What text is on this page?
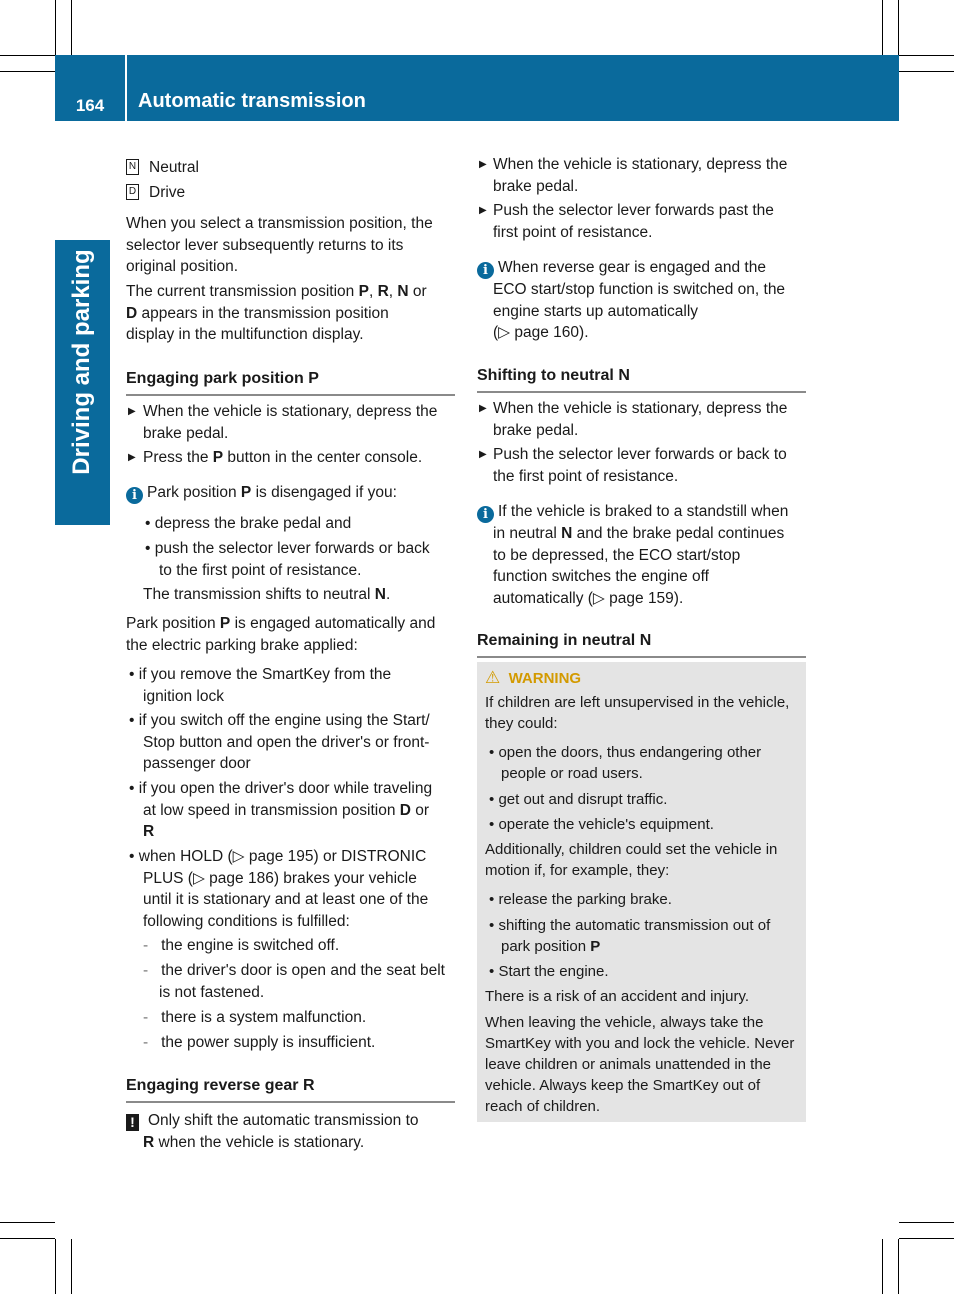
164	Automatic transmission
Driving and parking
N Neutral
D Drive

When you select a transmission position, the

selector lever subsequently returns to its

original position.

The current transmission position P, R, N or

D appears in the transmission position

display in the multifunction display.

Engaging park position P
▶ When the vehicle is stationary, depress the

brake pedal.

▶ Press the P button in the center console.

i Park position P is disengaged if you:
• depress the brake pedal and

• push the selector lever forwards or back

to the first point of resistance.

The transmission shifts to neutral N.

Park position P is engaged automatically and

the electric parking brake applied:

• if you remove the SmartKey from the

ignition lock

• if you switch off the engine using the Start/

Stop button and open the driver's or front-

passenger door

• if you open the driver's door while traveling

at low speed in transmission position D or

R

• when HOLD (▷ page 195) or DISTRONIC

PLUS (▷ page 186) brakes your vehicle

until it is stationary and at least one of the

following conditions is fulfilled:

- the engine is switched off.

- the driver's door is open and the seat belt

is not fastened.

- there is a system malfunction.
- the power supply is insufficient.
Engaging reverse gear R

! Only shift the automatic transmission to

R when the vehicle is stationary.

▶ When the vehicle is stationary, depress the

brake pedal.

▶ Push the selector lever forwards past the

first point of resistance.

i When reverse gear is engaged and the

ECO start/stop function is switched on, the

engine starts up automatically

(▷ page 160).

Shifting to neutral N
▶ When the vehicle is stationary, depress the

brake pedal.

▶ Push the selector lever forwards or back to

the first point of resistance.

i If the vehicle is braked to a standstill when

in neutral N and the brake pedal continues

to be depressed, the ECO start/stop

function switches the engine off

automatically (▷ page 159).

Remaining in neutral N
⚠ WARNING

If children are left unsupervised in the vehicle,

they could:

• open the doors, thus endangering other

people or road users.

• get out and disrupt traffic.
• operate the vehicle's equipment.

Additionally, children could set the vehicle in

motion if, for example, they:

• release the parking brake.

• shifting the automatic transmission out of

park position P

• Start the engine.
There is a risk of an accident and injury.

When leaving the vehicle, always take the

SmartKey with you and lock the vehicle. Never

leave children or animals unattended in the

vehicle. Always keep the SmartKey out of

reach of children.
